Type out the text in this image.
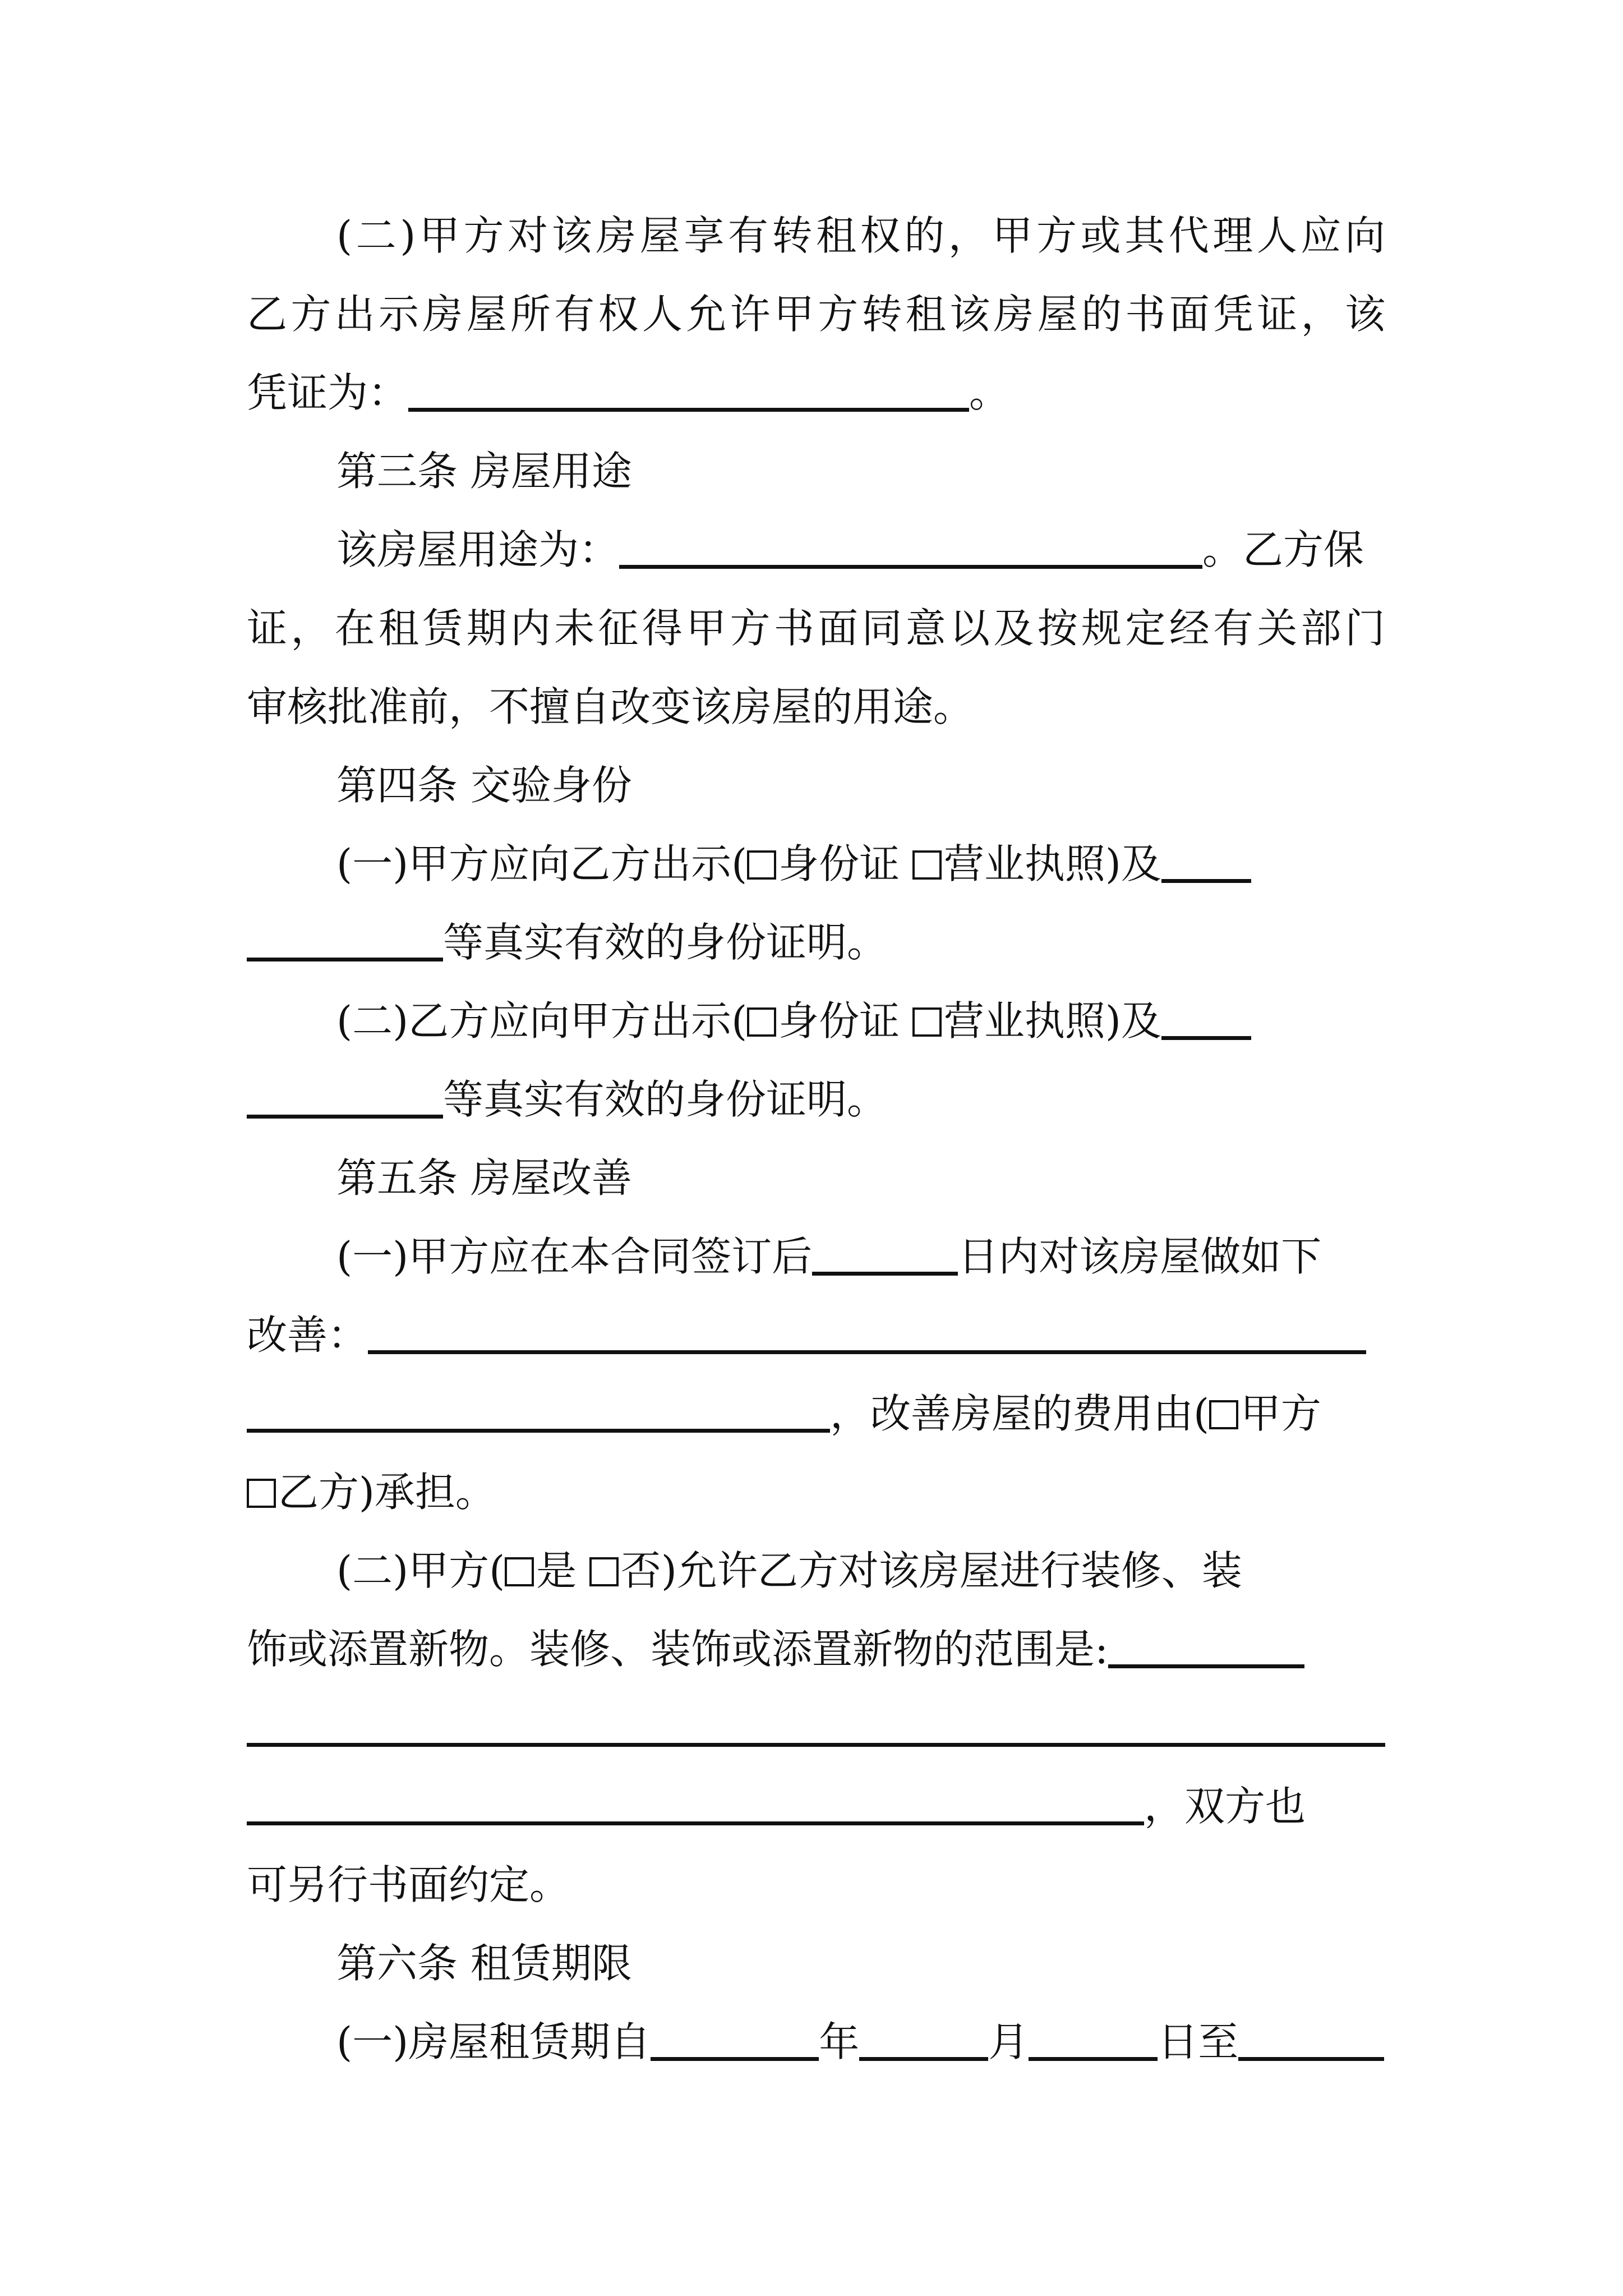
(二)甲方对该房屋享有转租权的，甲方或其代理人应向
乙方出示房屋所有权人允许甲方转租该房屋的书面凭证，该
凭证为：	。
第三条 房屋用途
该房屋用途为：	。乙方保
证，在租赁期内未征得甲方书面同意以及按规定经有关部门
审核批准前，不擅自改变该房屋的用途。
第四条 交验身份
(一)甲方应向乙方出示( 身份证 营业执照)及
等真实有效的身份证明。
(二)乙方应向甲方出示( 身份证 营业执照)及
等真实有效的身份证明。
第五条 房屋改善
(一)甲方应在本合同签订后	日内对该房屋做如下
改善：
，改善房屋的费用由( 甲方
乙方)承担。
(二)甲方( 是 否)允许乙方对该房屋进行装修、装
饰或添置新物。装修、装饰或添置新物的范围是:
，双方也
可另行书面约定。
第六条 租赁期限
(一)房屋租赁期自	年	月	日至
